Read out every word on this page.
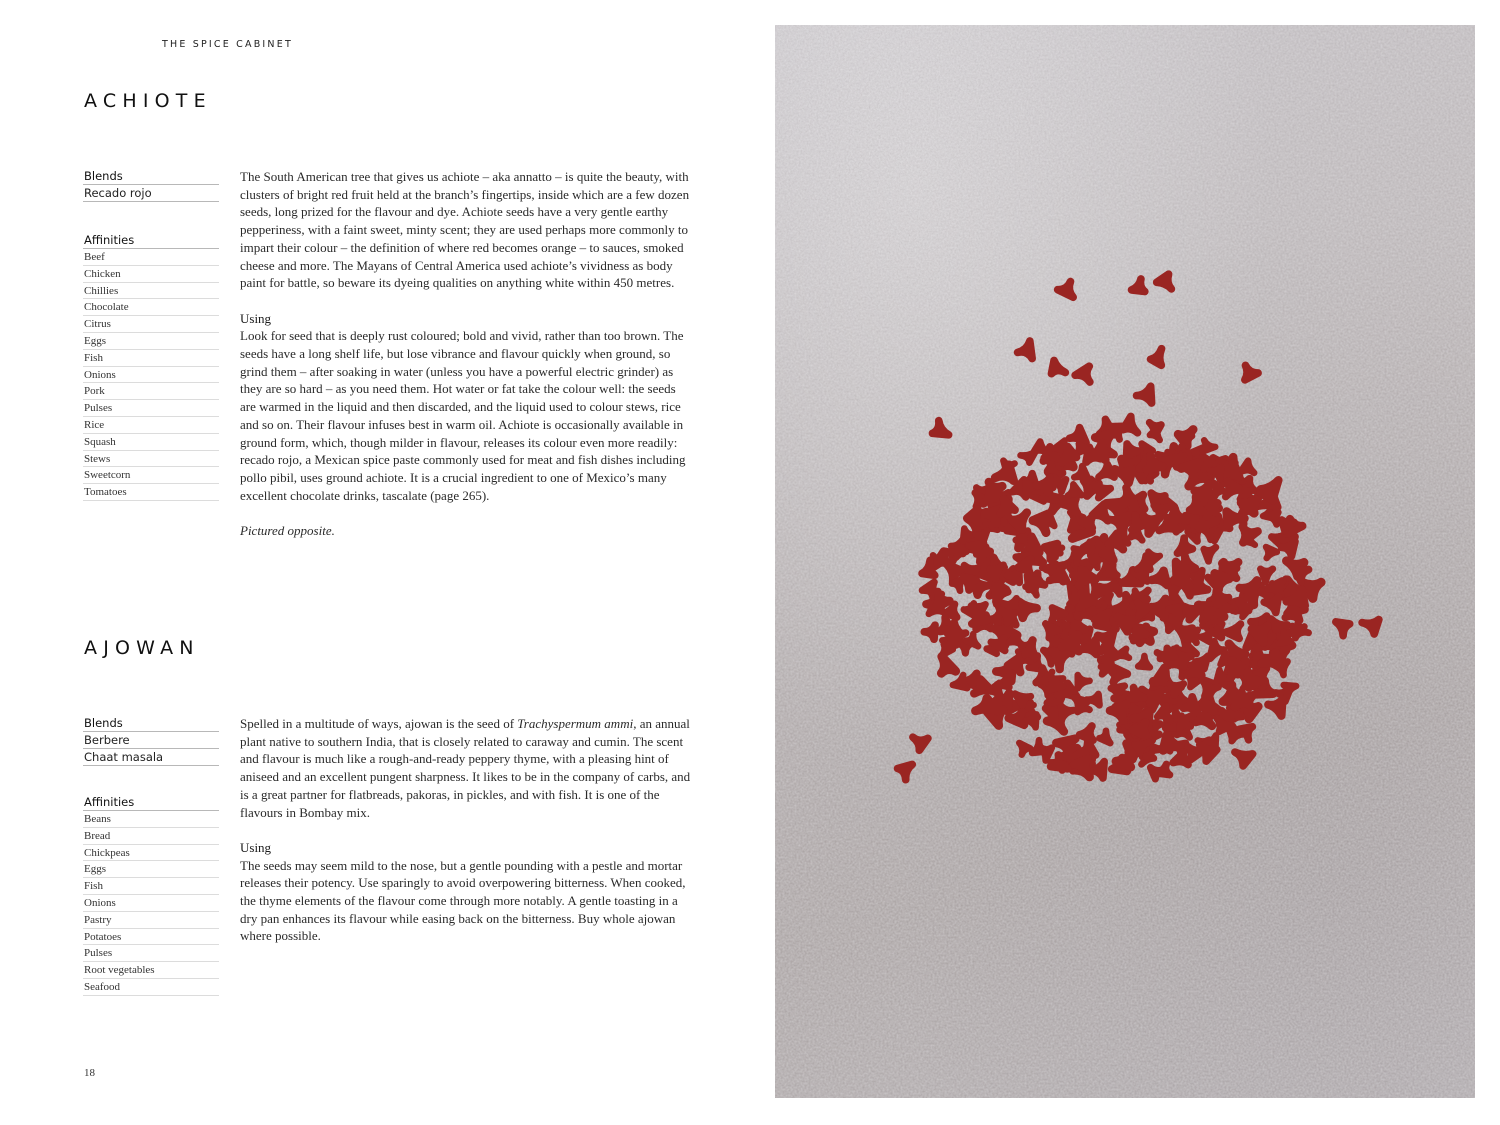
THE SPICE CABINET
ACHIOTE
Blends
Recado rojo
Affinities
Beef
Chicken
Chillies
Chocolate
Citrus
Eggs
Fish
Onions
Pork
Pulses
Rice
Squash
Stews
Sweetcorn
Tomatoes

The South American tree that gives us achiote – aka annatto – is quite the beauty, with clusters of bright red fruit held at the branch’s fingertips, inside which are a few dozen seeds, long prized for the flavour and dye. Achiote seeds have a very gentle earthy pepperiness, with a faint sweet, minty scent; they are used perhaps more commonly to impart their colour – the definition of where red becomes orange – to sauces, smoked cheese and more. The Mayans of Central America used achiote’s vividness as body paint for battle, so beware its dyeing qualities on anything white within 450 metres.

Using

Look for seed that is deeply rust coloured; bold and vivid, rather than too brown. The seeds have a long shelf life, but lose vibrance and flavour quickly when ground, so grind them – after soaking in water (unless you have a powerful electric grinder) as they are so hard – as you need them. Hot water or fat take the colour well: the seeds are warmed in the liquid and then discarded, and the liquid used to colour stews, rice and so on. Their flavour infuses best in warm oil. Achiote is occasionally available in ground form, which, though milder in flavour, releases its colour even more readily: recado rojo, a Mexican spice paste commonly used for meat and fish dishes including pollo pibil, uses ground achiote. It is a crucial ingredient to one of Mexico’s many excellent chocolate drinks, tascalate (page 265).

Pictured opposite.

AJOWAN
Blends
Berbere
Chaat masala
Affinities
Beans
Bread
Chickpeas
Eggs
Fish
Onions
Pastry
Potatoes
Pulses
Root vegetables
Seafood

Spelled in a multitude of ways, ajowan is the seed of Trachyspermum ammi, an annual plant native to southern India, that is closely related to caraway and cumin. The scent and flavour is much like a rough-and-ready peppery thyme, with a pleasing hint of aniseed and an excellent pungent sharpness. It likes to be in the company of carbs, and is a great partner for flatbreads, pakoras, in pickles, and with fish. It is one of the flavours in Bombay mix.

Using

The seeds may seem mild to the nose, but a gentle pounding with a pestle and mortar releases their potency. Use sparingly to avoid overpowering bitterness. When cooked, the thyme elements of the flavour come through more notably. A gentle toasting in a dry pan enhances its flavour while easing back on the bitterness. Buy whole ajowan where possible.

18
